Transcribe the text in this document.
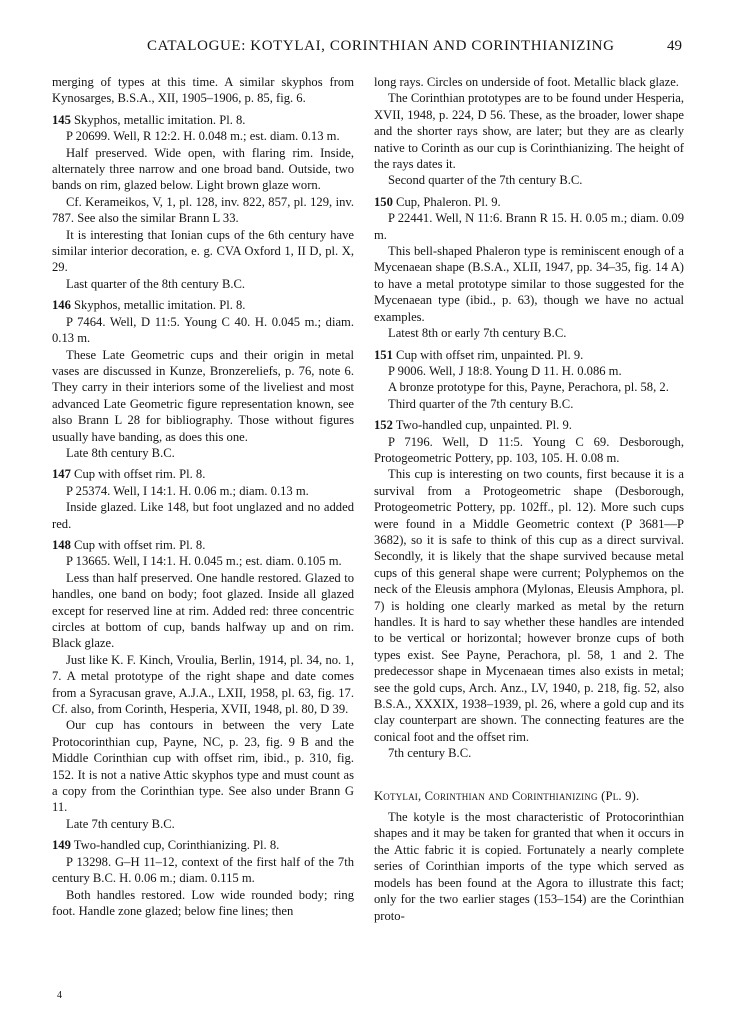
CATALOGUE: KOTYLAI, CORINTHIAN AND CORINTHIANIZING	49

merging of types at this time. A similar skyphos from Kynosarges, B.S.A., XII, 1905–1906, p. 85, fig. 6.

145 Skyphos, metallic imitation. Pl. 8.

P 20699. Well, R 12:2. H. 0.048 m.; est. diam. 0.13 m.

Half preserved. Wide open, with flaring rim. Inside, alternately three narrow and one broad band. Outside, two bands on rim, glazed below. Light brown glaze worn.

Cf. Kerameikos, V, 1, pl. 128, inv. 822, 857, pl. 129, inv. 787. See also the similar Brann L 33.

It is interesting that Ionian cups of the 6th century have similar interior decoration, e. g. CVA Oxford 1, II D, pl. X, 29.

Last quarter of the 8th century B.C.

146 Skyphos, metallic imitation. Pl. 8.

P 7464. Well, D 11:5. Young C 40. H. 0.045 m.; diam. 0.13 m.

These Late Geometric cups and their origin in metal vases are discussed in Kunze, Bronzereliefs, p. 76, note 6. They carry in their interiors some of the liveliest and most advanced Late Geometric figure representation known, see also Brann L 28 for bibliography. Those without figures usually have banding, as does this one.

Late 8th century B.C.

147 Cup with offset rim. Pl. 8.

P 25374. Well, I 14:1. H. 0.06 m.; diam. 0.13 m.

Inside glazed. Like 148, but foot unglazed and no added red.

148 Cup with offset rim. Pl. 8.

P 13665. Well, I 14:1. H. 0.045 m.; est. diam. 0.105 m.

Less than half preserved. One handle restored. Glazed to handles, one band on body; foot glazed. Inside all glazed except for reserved line at rim. Added red: three concentric circles at bottom of cup, bands halfway up and on rim. Black glaze.

Just like K. F. Kinch, Vroulia, Berlin, 1914, pl. 34, no. 1, 7. A metal prototype of the right shape and date comes from a Syracusan grave, A.J.A., LXII, 1958, pl. 63, fig. 17. Cf. also, from Corinth, Hesperia, XVII, 1948, pl. 80, D 39.

Our cup has contours in between the very Late Protocorinthian cup, Payne, NC, p. 23, fig. 9 B and the Middle Corinthian cup with offset rim, ibid., p. 310, fig. 152. It is not a native Attic skyphos type and must count as a copy from the Corinthian type. See also under Brann G 11.

Late 7th century B.C.

149 Two-handled cup, Corinthianizing. Pl. 8.

P 13298. G–H 11–12, context of the first half of the 7th century B.C. H. 0.06 m.; diam. 0.115 m.

Both handles restored. Low wide rounded body; ring foot. Handle zone glazed; below fine lines; then

long rays. Circles on underside of foot. Metallic black glaze.

The Corinthian prototypes are to be found under Hesperia, XVII, 1948, p. 224, D 56. These, as the broader, lower shape and the shorter rays show, are later; but they are as clearly native to Corinth as our cup is Corinthianizing. The height of the rays dates it.

Second quarter of the 7th century B.C.

150 Cup, Phaleron. Pl. 9.

P 22441. Well, N 11:6. Brann R 15. H. 0.05 m.; diam. 0.09 m.

This bell-shaped Phaleron type is reminiscent enough of a Mycenaean shape (B.S.A., XLII, 1947, pp. 34–35, fig. 14 A) to have a metal prototype similar to those suggested for the Mycenaean type (ibid., p. 63), though we have no actual examples.

Latest 8th or early 7th century B.C.

151 Cup with offset rim, unpainted. Pl. 9.

P 9006. Well, J 18:8. Young D 11. H. 0.086 m.

A bronze prototype for this, Payne, Perachora, pl. 58, 2.

Third quarter of the 7th century B.C.

152 Two-handled cup, unpainted. Pl. 9.

P 7196. Well, D 11:5. Young C 69. Desborough, Protogeometric Pottery, pp. 103, 105. H. 0.08 m.

This cup is interesting on two counts, first because it is a survival from a Protogeometric shape (Desborough, Protogeometric Pottery, pp. 102ff., pl. 12). More such cups were found in a Middle Geometric context (P 3681—P 3682), so it is safe to think of this cup as a direct survival. Secondly, it is likely that the shape survived because metal cups of this general shape were current; Polyphemos on the neck of the Eleusis amphora (Mylonas, Eleusis Amphora, pl. 7) is holding one clearly marked as metal by the return handles. It is hard to say whether these handles are intended to be vertical or horizontal; however bronze cups of both types exist. See Payne, Perachora, pl. 58, 1 and 2. The predecessor shape in Mycenaean times also exists in metal; see the gold cups, Arch. Anz., LV, 1940, p. 218, fig. 52, also B.S.A., XXXIX, 1938–1939, pl. 26, where a gold cup and its clay counterpart are shown. The connecting features are the conical foot and the offset rim.

7th century B.C.

Kotylai, Corinthian and Corinthianizing (Pl. 9).

The kotyle is the most characteristic of Protocorinthian shapes and it may be taken for granted that when it occurs in the Attic fabric it is copied. Fortunately a nearly complete series of Corinthian imports of the type which served as models has been found at the Agora to illustrate this fact; only for the two earlier stages (153–154) are the Corinthian proto-

4
